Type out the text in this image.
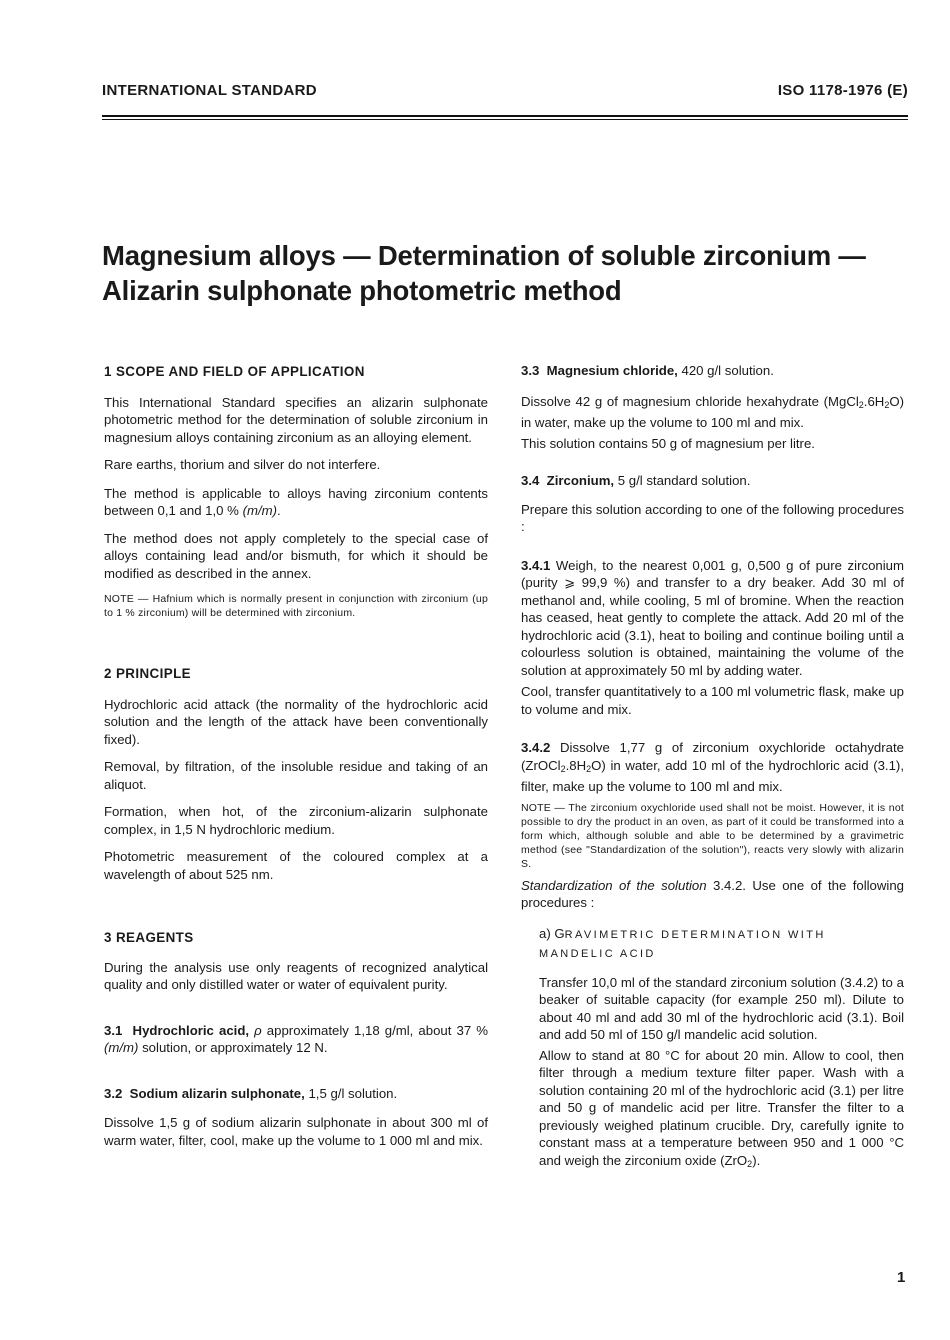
INTERNATIONAL STANDARD	ISO 1178-1976 (E)
Magnesium alloys — Determination of soluble zirconium —
Alizarin sulphonate photometric method

1 SCOPE AND FIELD OF APPLICATION

This International Standard specifies an alizarin sulphonate photometric method for the determination of soluble zirconium in magnesium alloys containing zirconium as an alloying element.

Rare earths, thorium and silver do not interfere.

The method is applicable to alloys having zirconium contents between 0,1 and 1,0 % (m/m).

The method does not apply completely to the special case of alloys containing lead and/or bismuth, for which it should be modified as described in the annex.

NOTE — Hafnium which is normally present in conjunction with zirconium (up to 1 % zirconium) will be determined with zirconium.

2 PRINCIPLE

Hydrochloric acid attack (the normality of the hydrochloric acid solution and the length of the attack have been conventionally fixed).

Removal, by filtration, of the insoluble residue and taking of an aliquot.

Formation, when hot, of the zirconium-alizarin sulphonate complex, in 1,5 N hydrochloric medium.

Photometric measurement of the coloured complex at a wavelength of about 525 nm.

3 REAGENTS

During the analysis use only reagents of recognized analytical quality and only distilled water or water of equivalent purity.

3.1 Hydrochloric acid, ρ approximately 1,18 g/ml, about 37 % (m/m) solution, or approximately 12 N.

3.2 Sodium alizarin sulphonate, 1,5 g/l solution.

Dissolve 1,5 g of sodium alizarin sulphonate in about 300 ml of warm water, filter, cool, make up the volume to 1 000 ml and mix.

3.3 Magnesium chloride, 420 g/l solution.

Dissolve 42 g of magnesium chloride hexahydrate $(MgCl_2.6H_2O)$ in water, make up the volume to 100 ml and mix.

This solution contains 50 g of magnesium per litre.

3.4 Zirconium, 5 g/l standard solution.

Prepare this solution according to one of the following procedures :

3.4.1 Weigh, to the nearest 0,001 g, 0,500 g of pure zirconium (purity ⩾ 99,9 %) and transfer to a dry beaker. Add 30 ml of methanol and, while cooling, 5 ml of bromine. When the reaction has ceased, heat gently to complete the attack. Add 20 ml of the hydrochloric acid (3.1), heat to boiling and continue boiling until a colourless solution is obtained, maintaining the volume of the solution at approximately 50 ml by adding water.

Cool, transfer quantitatively to a 100 ml volumetric flask, make up to volume and mix.

3.4.2 Dissolve 1,77 g of zirconium oxychloride octahydrate $(ZrOCl_2.8H_2O)$ in water, add 10 ml of the hydrochloric acid (3.1), filter, make up the volume to 100 ml and mix.

NOTE — The zirconium oxychloride used shall not be moist. However, it is not possible to dry the product in an oven, as part of it could be transformed into a form which, although soluble and able to be determined by a gravimetric method (see "Standardization of the solution"), reacts very slowly with alizarin S.

Standardization of the solution 3.4.2. Use one of the following procedures :

a) GRAVIMETRIC DETERMINATION WITH
MANDELIC ACID

Transfer 10,0 ml of the standard zirconium solution (3.4.2) to a beaker of suitable capacity (for example 250 ml). Dilute to about 40 ml and add 30 ml of the hydrochloric acid (3.1). Boil and add 50 ml of 150 g/l mandelic acid solution.

Allow to stand at 80 °C for about 20 min. Allow to cool, then filter through a medium texture filter paper. Wash with a solution containing 20 ml of the hydrochloric acid (3.1) per litre and 50 g of mandelic acid per litre. Transfer the filter to a previously weighed platinum crucible. Dry, carefully ignite to constant mass at a temperature between 950 and 1 000 °C and weigh the zirconium oxide (ZrO$_2$).

1
